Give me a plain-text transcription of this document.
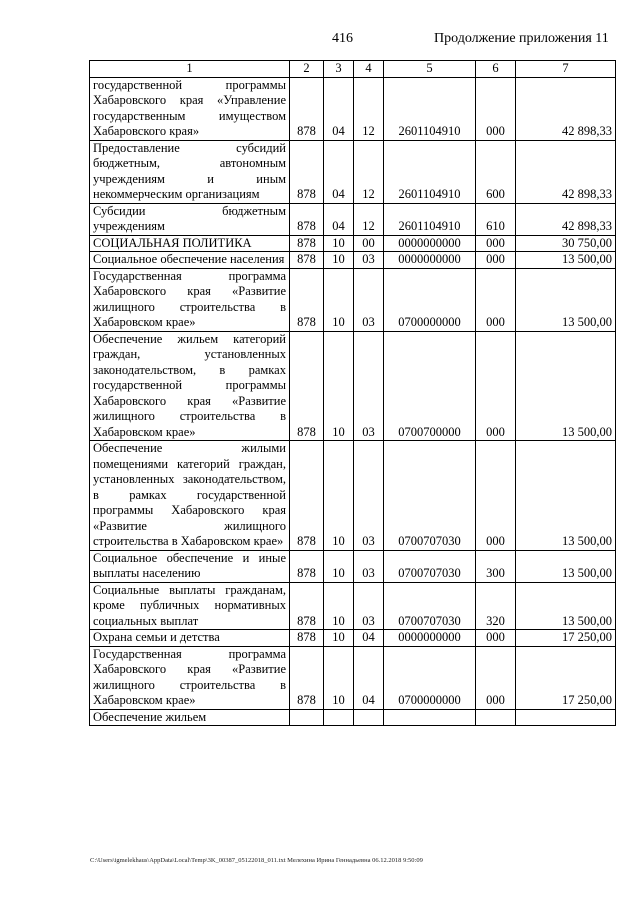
416	Продолжение приложения 11
1	2	3	4	5	6	7
государственной программы Хабаровского края «Управление государственным имуществом Хабаровского края»	878	04	12	2601104910	000	42 898,33
Предоставление субсидий бюджетным, автономным учреждениям и иным некоммерческим организациям	878	04	12	2601104910	600	42 898,33
Субсидии бюджетным учреждениям	878	04	12	2601104910	610	42 898,33
СОЦИАЛЬНАЯ ПОЛИТИКА	878	10	00	0000000000	000	30 750,00
Социальное обеспечение населения	878	10	03	0000000000	000	13 500,00
Государственная программа Хабаровского края «Развитие жилищного строительства в Хабаровском крае»	878	10	03	0700000000	000	13 500,00
Обеспечение жильем категорий граждан, установленных законодательством, в рамках государственной программы Хабаровского края «Развитие жилищного строительства в Хабаровском крае»	878	10	03	0700700000	000	13 500,00
Обеспечение жилыми помещениями категорий граждан, установленных законодательством, в рамках государственной программы Хабаровского края «Развитие жилищного строительства в Хабаровском крае»	878	10	03	0700707030	000	13 500,00
Социальное обеспечение и иные выплаты населению	878	10	03	0700707030	300	13 500,00
Социальные выплаты гражданам, кроме публичных нормативных социальных выплат	878	10	03	0700707030	320	13 500,00
Охрана семьи и детства	878	10	04	0000000000	000	17 250,00
Государственная программа Хабаровского края «Развитие жилищного строительства в Хабаровском крае»	878	10	04	0700000000	000	17 250,00
Обеспечение жильем						
C:\Users\igmelekhaus\AppData\Local\Temp\3K_00387_05122018_011.txt Мелехина Ирина Геннадьевна 06.12.2018 9:50:09
